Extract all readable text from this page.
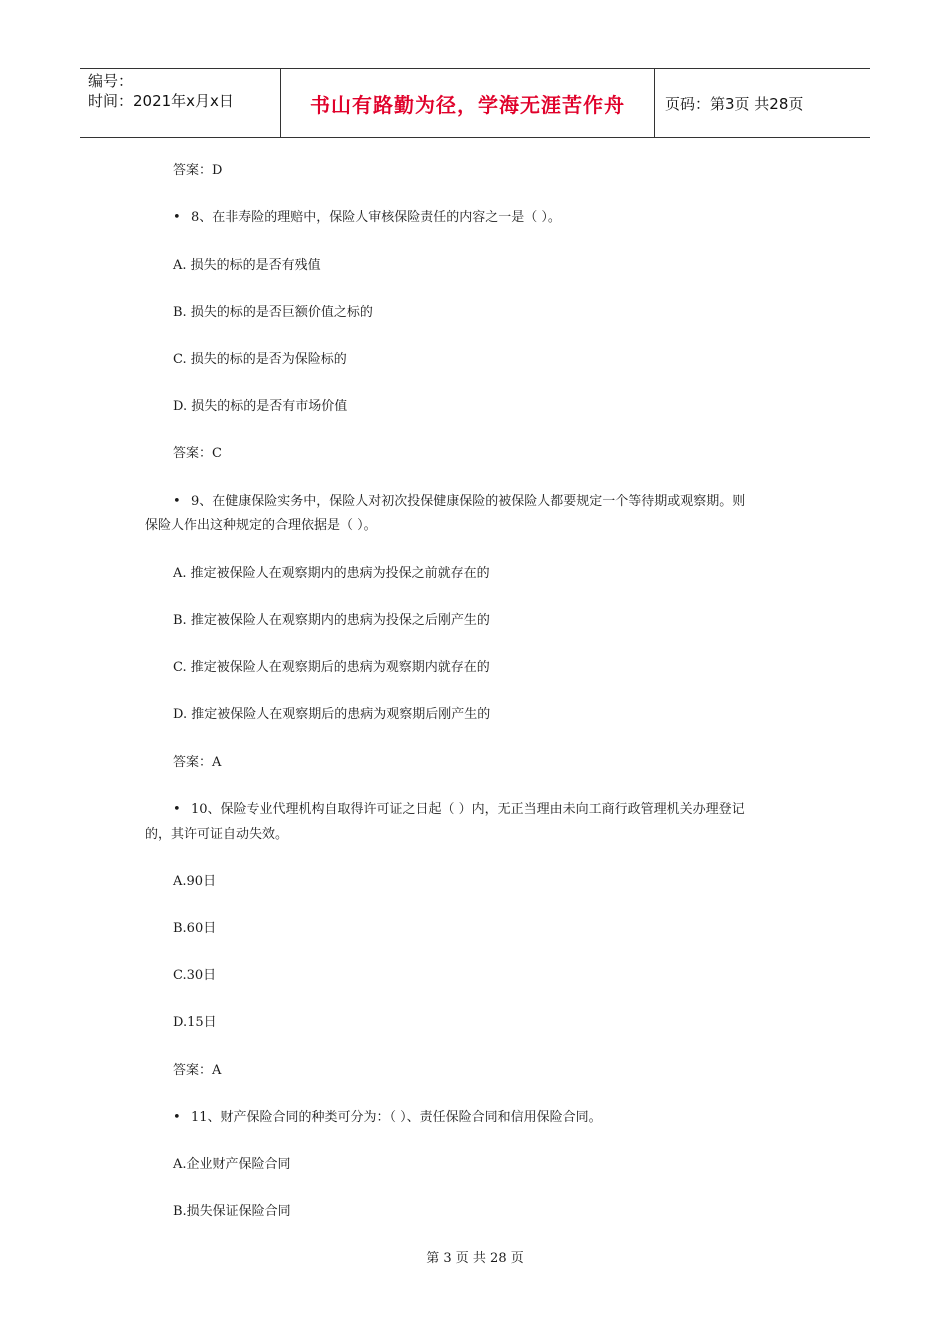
编号：
时间：2021年x月x日	书山有路勤为径，学海无涯苦作舟	页码：第3页 共28页
答案：D
• 8、在非寿险的理赔中，保险人审核保险责任的内容之一是（ ）。
A. 损失的标的是否有残值
B. 损失的标的是否巨额价值之标的
C. 损失的标的是否为保险标的
D. 损失的标的是否有市场价值
答案：C
• 9、在健康保险实务中，保险人对初次投保健康保险的被保险人都要规定一个等待期或观察期。则
保险人作出这种规定的合理依据是（ ）。
A. 推定被保险人在观察期内的患病为投保之前就存在的
B. 推定被保险人在观察期内的患病为投保之后刚产生的
C. 推定被保险人在观察期后的患病为观察期内就存在的
D. 推定被保险人在观察期后的患病为观察期后刚产生的
答案：A
• 10、保险专业代理机构自取得许可证之日起（ ）内，无正当理由未向工商行政管理机关办理登记
的，其许可证自动失效。
A.90日
B.60日
C.30日
D.15日
答案：A
• 11、财产保险合同的种类可分为：（ ）、责任保险合同和信用保险合同。
A.企业财产保险合同
B.损失保证保险合同
第 3 页 共 28 页
